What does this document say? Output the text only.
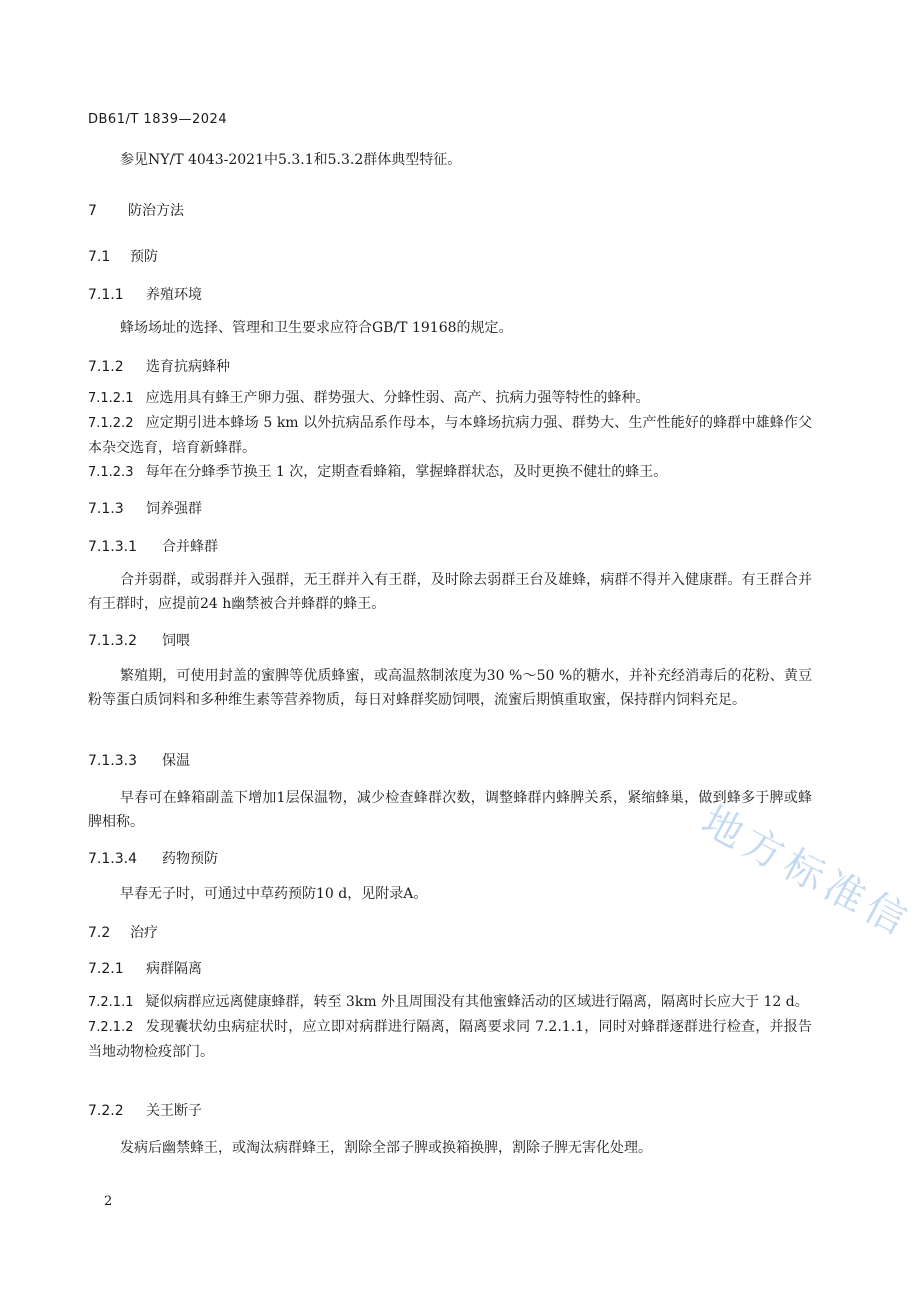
DB61/T 1839—2024

参见NY/T 4043-2021中5.3.1和5.3.2群体典型特征。

7 防治方法
7.1 预防
7.1.1 养殖环境

蜂场场址的选择、管理和卫生要求应符合GB/T 19168的规定。

7.1.2 选育抗病蜂种

7.1.2.1 应选用具有蜂王产卵力强、群势强大、分蜂性弱、高产、抗病力强等特性的蜂种。

7.1.2.2 应定期引进本蜂场 5 km 以外抗病品系作母本，与本蜂场抗病力强、群势大、生产性能好的蜂群中雄蜂作父本杂交选育，培育新蜂群。

7.1.2.3 每年在分蜂季节换王 1 次，定期查看蜂箱，掌握蜂群状态，及时更换不健壮的蜂王。

7.1.3 饲养强群
7.1.3.1 合并蜂群

合并弱群，或弱群并入强群，无王群并入有王群，及时除去弱群王台及雄蜂，病群不得并入健康群。有王群合并有王群时，应提前24 h幽禁被合并蜂群的蜂王。

7.1.3.2 饲喂

繁殖期，可使用封盖的蜜脾等优质蜂蜜，或高温熬制浓度为30 %～50 %的糖水，并补充经消毒后的花粉、黄豆粉等蛋白质饲料和多种维生素等营养物质，每日对蜂群奖励饲喂，流蜜后期慎重取蜜，保持群内饲料充足。

7.1.3.3 保温

早春可在蜂箱副盖下增加1层保温物，减少检查蜂群次数，调整蜂群内蜂脾关系，紧缩蜂巢，做到蜂多于脾或蜂脾相称。

7.1.3.4 药物预防

早春无子时，可通过中草药预防10 d，见附录A。

7.2 治疗
7.2.1 病群隔离

7.2.1.1 疑似病群应远离健康蜂群，转至 3km 外且周围没有其他蜜蜂活动的区域进行隔离，隔离时长应大于 12 d。

7.2.1.2 发现囊状幼虫病症状时，应立即对病群进行隔离，隔离要求同 7.2.1.1，同时对蜂群逐群进行检查，并报告当地动物检疫部门。

7.2.2 关王断子

发病后幽禁蜂王，或淘汰病群蜂王，割除全部子脾或换箱换脾，割除子脾无害化处理。

2
地方标准信
